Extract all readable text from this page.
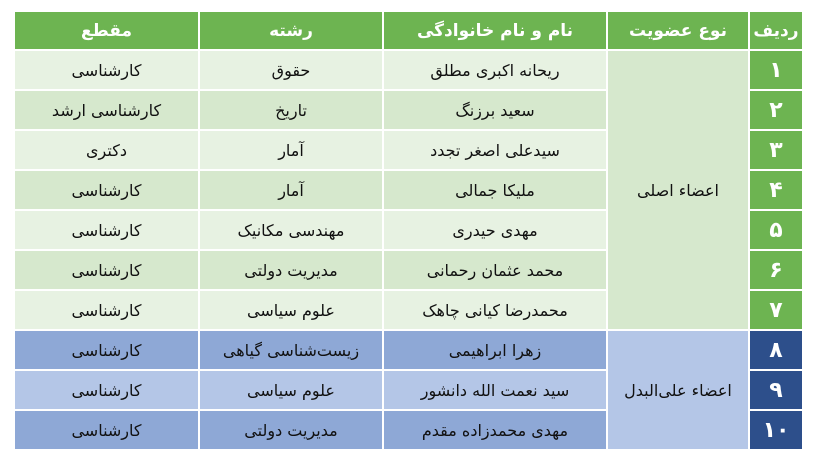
ردیف	نوع عضویت	نام و نام خانوادگی	رشته	مقطع
۱	اعضاء اصلی	ریحانه اکبری مطلق	حقوق	کارشناسی
۲		سعید برزنگ	تاریخ	کارشناسی ارشد
۳		سیدعلی اصغر تجدد	آمار	دکتری
۴		ملیکا جمالی	آمار	کارشناسی
۵		مهدی حیدری	مهندسی مکانیک	کارشناسی
۶		محمد عثمان رحمانی	مدیریت دولتی	کارشناسی
۷		محمدرضا کیانی چاهک	علوم سیاسی	کارشناسی
۸	اعضاء علی‌البدل	زهرا ابراهیمی	زیست‌شناسی گیاهی	کارشناسی
۹		سید نعمت الله دانشور	علوم سیاسی	کارشناسی
۱۰		مهدی محمدزاده مقدم	مدیریت دولتی	کارشناسی
